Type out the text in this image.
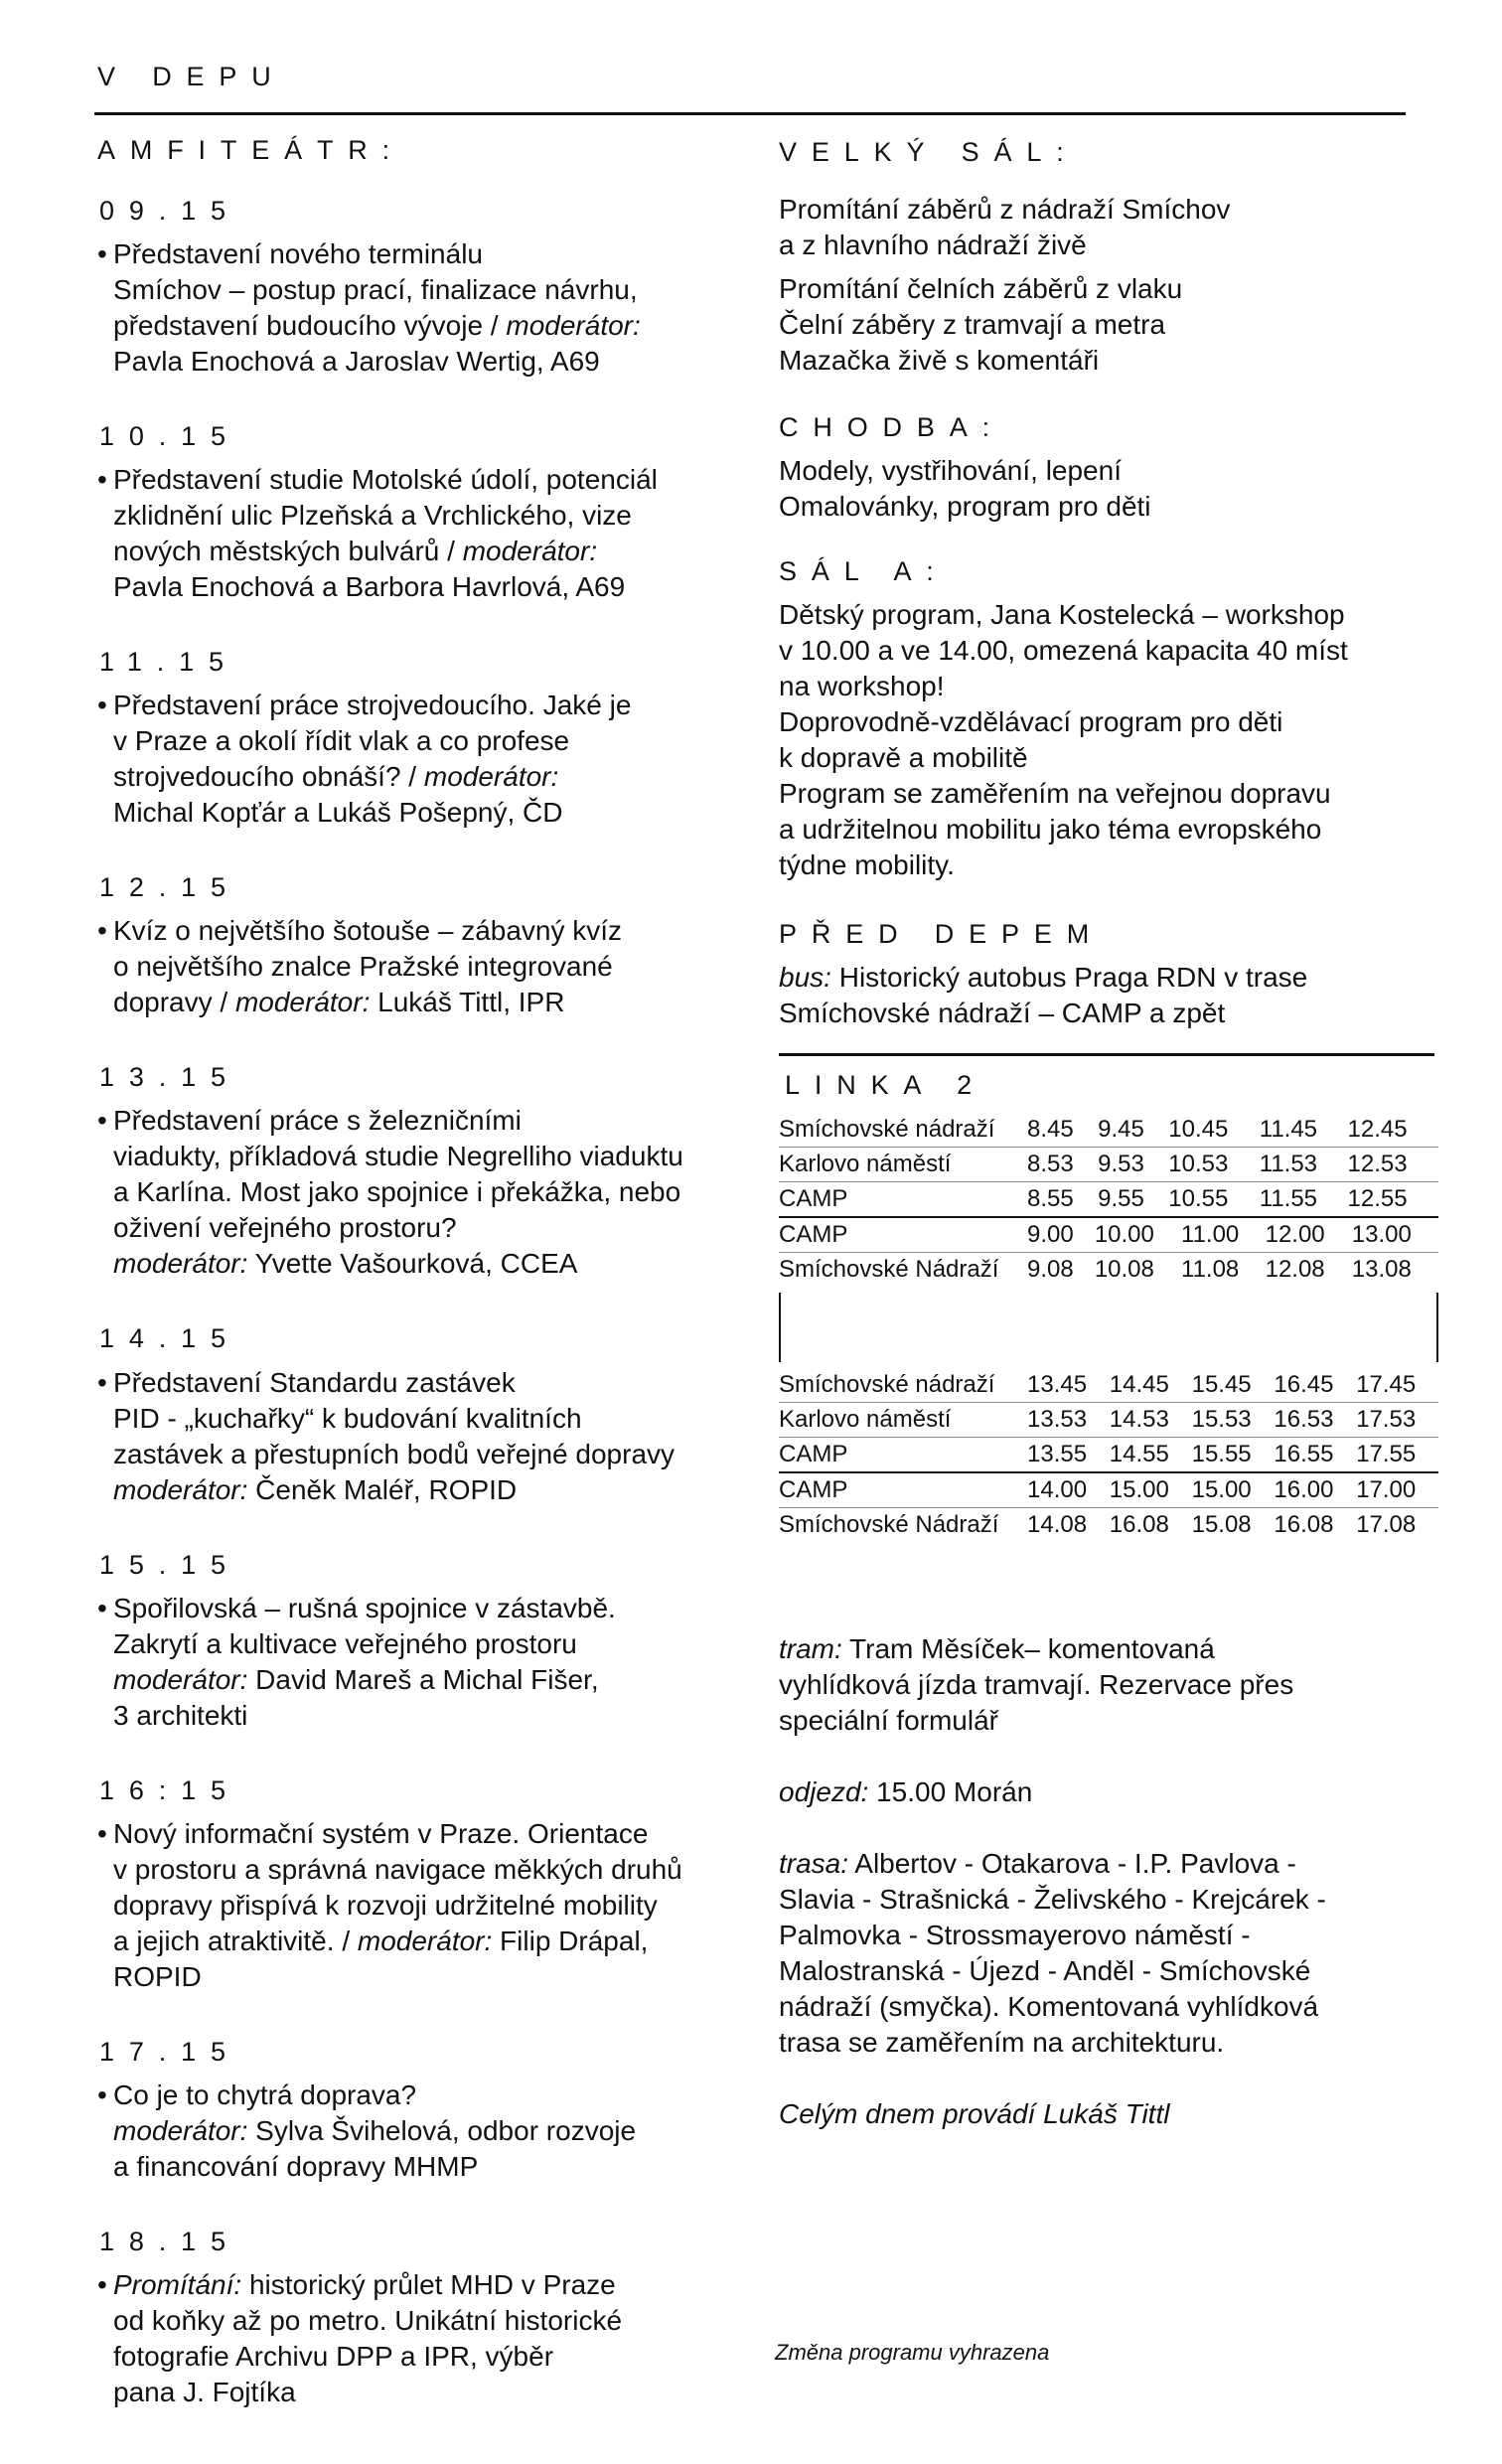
V DEPU
AMFITEÁTR:
09.15
• Představení nového terminálu
Smíchov – postup prací, finalizace návrhu,
představení budoucího vývoje / moderátor:
Pavla Enochová a Jaroslav Wertig, A69
10.15
• Představení studie Motolské údolí, potenciál
zklidnění ulic Plzeňská a Vrchlického, vize
nových městských bulvárů / moderátor:
Pavla Enochová a Barbora Havrlová, A69
11.15
• Představení práce strojvedoucího. Jaké je
v Praze a okolí řídit vlak a co profese
strojvedoucího obnáší? / moderátor:
Michal Kopťár a Lukáš Pošepný, ČD
12.15
• Kvíz o největšího šotouše – zábavný kvíz
o největšího znalce Pražské integrované
dopravy / moderátor: Lukáš Tittl, IPR
13.15
• Představení práce s železničními
viadukty, příkladová studie Negrelliho viaduktu
a Karlína. Most jako spojnice i překážka, nebo
oživení veřejného prostoru?
moderátor: Yvette Vašourková, CCEA
14.15
• Představení Standardu zastávek
PID - „kuchařky“ k budování kvalitních
zastávek a přestupních bodů veřejné dopravy
moderátor: Čeněk Maléř, ROPID
15.15
• Spořilovská – rušná spojnice v zástavbě.
Zakrytí a kultivace veřejného prostoru
moderátor: David Mareš a Michal Fišer,
3 architekti
16:15
• Nový informační systém v Praze. Orientace
v prostoru a správná navigace měkkých druhů
dopravy přispívá k rozvoji udržitelné mobility
a jejich atraktivitě. / moderátor: Filip Drápal,
ROPID
17.15
• Co je to chytrá doprava?
moderátor: Sylva Švihelová, odbor rozvoje
a financování dopravy MHMP
18.15
• Promítání: historický průlet MHD v Praze
od koňky až po metro. Unikátní historické
fotografie Archivu DPP a IPR, výběr
pana J. Fojtíka
VELKÝ SÁL:

Promítání záběrů z nádraží Smíchov

a z hlavního nádraží živě

Promítání čelních záběrů z vlaku

Čelní záběry z tramvají a metra

Mazačka živě s komentáři

CHODBA:

Modely, vystřihování, lepení

Omalovánky, program pro děti

SÁL A:

Dětský program, Jana Kostelecká – workshop

v 10.00 a ve 14.00, omezená kapacita 40 míst

na workshop!

Doprovodně-vzdělávací program pro děti

k dopravě a mobilitě

Program se zaměřením na veřejnou dopravu

a udržitelnou mobilitu jako téma evropského

týdne mobility.

PŘED DEPEM

bus: Historický autobus Praga RDN v trase

Smíchovské nádraží – CAMP a zpět

LINKA 2
Smíchovské nádraží	8.45	9.45	10.45	11.45	12.45
Karlovo náměstí	8.53	9.53	10.53	11.53	12.53
CAMP	8.55	9.55	10.55	11.55	12.55
CAMP	9.00	10.00	11.00	12.00	13.00
Smíchovské Nádraží	9.08	10.08	11.08	12.08	13.08
Smíchovské nádraží	13.45	14.45	15.45	16.45	17.45
Karlovo náměstí	13.53	14.53	15.53	16.53	17.53
CAMP	13.55	14.55	15.55	16.55	17.55
CAMP	14.00	15.00	15.00	16.00	17.00
Smíchovské Nádraží	14.08	16.08	15.08	16.08	17.08

tram: Tram Měsíček– komentovaná
vyhlídková jízda tramvají. Rezervace přes
speciální formulář

odjezd: 15.00 Morán

trasa: Albertov - Otakarova - I.P. Pavlova -
Slavia - Strašnická - Želivského - Krejcárek -
Palmovka - Strossmayerovo náměstí -
Malostranská - Újezd - Anděl - Smíchovské
nádraží (smyčka). Komentovaná vyhlídková
trasa se zaměřením na architekturu.

Celým dnem provádí Lukáš Tittl

Změna programu vyhrazena
